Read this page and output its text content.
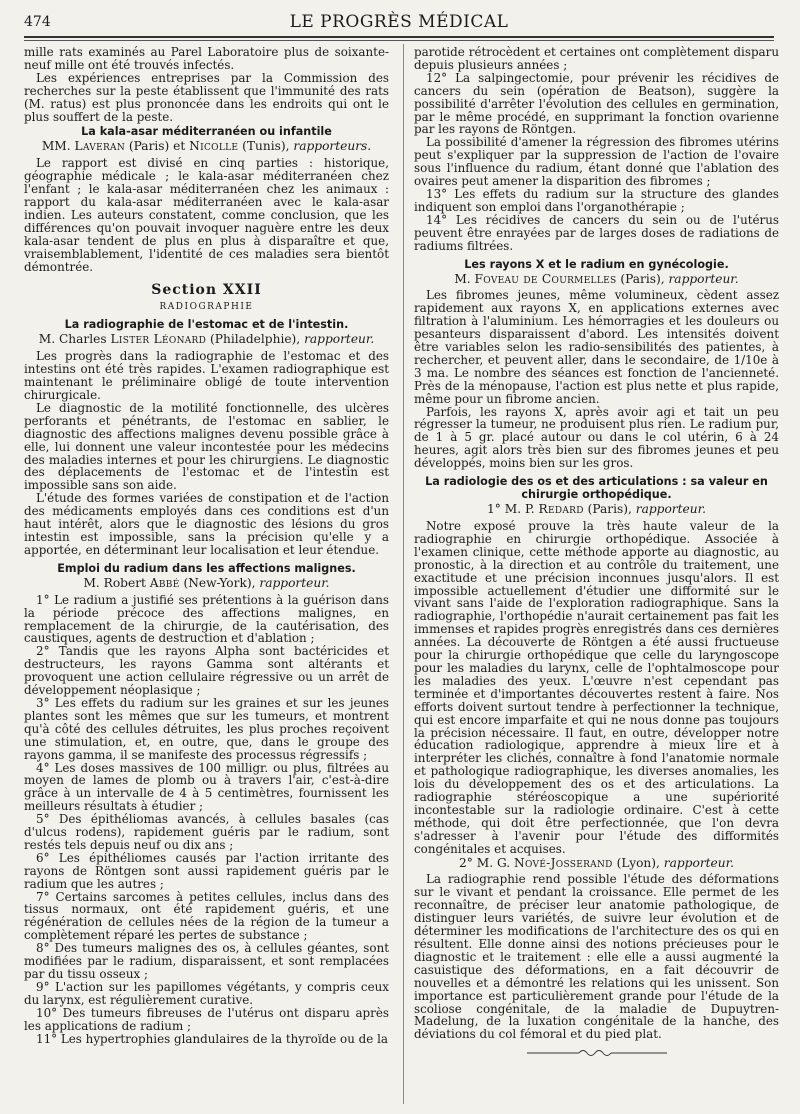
474	LE PROGRÈS MÉDICAL

mille rats examinés au Parel Laboratoire plus de soixante-neuf mille ont été trouvés infectés.

Les expériences entreprises par la Commission des recherches sur la peste établissent que l'immunité des rats (M. ratus) est plus prononcée dans les endroits qui ont le plus souffert de la peste.

La kala-asar méditerranéen ou infantile
MM. Laveran (Paris) et Nicolle (Tunis), rapporteurs.

Le rapport est divisé en cinq parties : historique, géographie médicale ; le kala-asar méditerranéen chez l'enfant ; le kala-asar méditerranéen chez les animaux : rapport du kala-asar méditerranéen avec le kala-asar indien. Les auteurs constatent, comme conclusion, que les différences qu'on pouvait invoquer naguère entre les deux kala-asar tendent de plus en plus à disparaître et que, vraisemblablement, l'identité de ces maladies sera bientôt démontrée.

Section XXII
RADIOGRAPHIE
La radiographie de l'estomac et de l'intestin.
M. Charles Lister Léonard (Philadelphie), rapporteur.

Les progrès dans la radiographie de l'estomac et des intestins ont été très rapides. L'examen radiographique est maintenant le préliminaire obligé de toute intervention chirurgicale.

Le diagnostic de la motilité fonctionnelle, des ulcères perforants et pénétrants, de l'estomac en sablier, le diagnostic des affections malignes devenu possible grâce à elle, lui donnent une valeur incontestée pour les médecins des maladies internes et pour les chirurgiens. Le diagnostic des déplacements de l'estomac et de l'intestin est impossible sans son aide.

L'étude des formes variées de constipation et de l'action des médicaments employés dans ces conditions est d'un haut intérêt, alors que le diagnostic des lésions du gros intestin est impossible, sans la précision qu'elle y a apportée, en déterminant leur localisation et leur étendue.

Emploi du radium dans les affections malignes.
M. Robert Abbé (New-York), rapporteur.

1° Le radium a justifié ses prétentions à la guérison dans la période précoce des affections malignes, en remplacement de la chirurgie, de la cautérisation, des caustiques, agents de destruction et d'ablation ;

2° Tandis que les rayons Alpha sont bactéricides et destructeurs, les rayons Gamma sont altérants et provoquent une action cellulaire régressive ou un arrêt de développement néoplasique ;

3° Les effets du radium sur les graines et sur les jeunes plantes sont les mêmes que sur les tumeurs, et montrent qu'à côté des cellules détruites, les plus proches reçoivent une stimulation, et, en outre, que, dans le groupe des rayons gamma, il se manifeste des processus régressifs ;

4° Les doses massives de 100 milligr. ou plus, filtrées au moyen de lames de plomb ou à travers l'air, c'est-à-dire grâce à un intervalle de 4 à 5 centimètres, fournissent les meilleurs résultats à étudier ;

5° Des épithéliomas avancés, à cellules basales (cas d'ulcus rodens), rapidement guéris par le radium, sont restés tels depuis neuf ou dix ans ;

6° Les épithéliomes causés par l'action irritante des rayons de Röntgen sont aussi rapidement guéris par le radium que les autres ;

7° Certains sarcomes à petites cellules, inclus dans des tissus normaux, ont été rapidement guéris, et une régénération de cellules nées de la région de la tumeur a complètement réparé les pertes de substance ;

8° Des tumeurs malignes des os, à cellules géantes, sont modifiées par le radium, disparaissent, et sont remplacées par du tissu osseux ;

9° L'action sur les papillomes végétants, y compris ceux du larynx, est régulièrement curative.

10° Des tumeurs fibreuses de l'utérus ont disparu après les applications de radium ;

11° Les hypertrophies glandulaires de la thyroïde ou de la

parotide rétrocèdent et certaines ont complètement disparu depuis plusieurs années ;

12° La salpingectomie, pour prévenir les récidives de cancers du sein (opération de Beatson), suggère la possibilité d'arrêter l'évolution des cellules en germination, par le même procédé, en supprimant la fonction ovarienne par les rayons de Röntgen.

La possibilité d'amener la régression des fibromes utérins peut s'expliquer par la suppression de l'action de l'ovaire sous l'influence du radium, étant donné que l'ablation des ovaires peut amener la disparition des fibromes ;

13° Les effets du radium sur la structure des glandes indiquent son emploi dans l'organothérapie ;

14° Les récidives de cancers du sein ou de l'utérus peuvent être enrayées par de larges doses de radiations de radiums filtrées.

Les rayons X et le radium en gynécologie.
M. Foveau de Courmelles (Paris), rapporteur.

Les fibromes jeunes, même volumineux, cèdent assez rapidement aux rayons X, en applications externes avec filtration à l'aluminium. Les hémorragies et les douleurs ou pesanteurs disparaissent d'abord. Les intensités doivent être variables selon les radio-sensibilités des patientes, à rechercher, et peuvent aller, dans le secondaire, de 1/10e à 3 ma. Le nombre des séances est fonction de l'ancienneté. Près de la ménopause, l'action est plus nette et plus rapide, même pour un fibrome ancien.

Parfois, les rayons X, après avoir agi et tait un peu régresser la tumeur, ne produisent plus rien. Le radium pur, de 1 à 5 gr. placé autour ou dans le col utérin, 6 à 24 heures, agit alors très bien sur des fibromes jeunes et peu développés, moins bien sur les gros.

La radiologie des os et des articulations : sa valeur en chirurgie orthopédique.
1° M. P. Redard (Paris), rapporteur.

Notre exposé prouve la très haute valeur de la radiographie en chirurgie orthopédique. Associée à l'examen clinique, cette méthode apporte au diagnostic, au pronostic, à la direction et au contrôle du traitement, une exactitude et une précision inconnues jusqu'alors. Il est impossible actuellement d'étudier une difformité sur le vivant sans l'aide de l'exploration radiographique. Sans la radiographie, l'orthopédie n'aurait certainement pas fait les immenses et rapides progrès enregistrés dans ces dernières années. La découverte de Röntgen a été aussi fructueuse pour la chirurgie orthopédique que celle du laryngoscope pour les maladies du larynx, celle de l'ophtalmoscope pour les maladies des yeux. L'œuvre n'est cependant pas terminée et d'importantes découvertes restent à faire. Nos efforts doivent surtout tendre à perfectionner la technique, qui est encore imparfaite et qui ne nous donne pas toujours la précision nécessaire. Il faut, en outre, développer notre éducation radiologique, apprendre à mieux lire et à interpréter les clichés, connaître à fond l'anatomie normale et pathologique radiographique, les diverses anomalies, les lois du développement des os et des articulations. La radiographie stéréoscopique a une supériorité incontestable sur la radiologie ordinaire. C'est à cette méthode, qui doit être perfectionnée, que l'on devra s'adresser à l'avenir pour l'étude des difformités congénitales et acquises.

2° M. G. Nové-Josserand (Lyon), rapporteur.

La radiographie rend possible l'étude des déformations sur le vivant et pendant la croissance. Elle permet de les reconnaître, de préciser leur anatomie pathologique, de distinguer leurs variétés, de suivre leur évolution et de déterminer les modifications de l'architecture des os qui en résultent. Elle donne ainsi des notions précieuses pour le diagnostic et le traitement : elle elle a aussi augmenté la casuistique des déformations, en a fait découvrir de nouvelles et a démontré les relations qui les unissent. Son importance est particulièrement grande pour l'étude de la scoliose congénitale, de la maladie de Dupuytren-Madelung, de la luxation congénitale de la hanche, des déviations du col fémoral et du pied plat.
